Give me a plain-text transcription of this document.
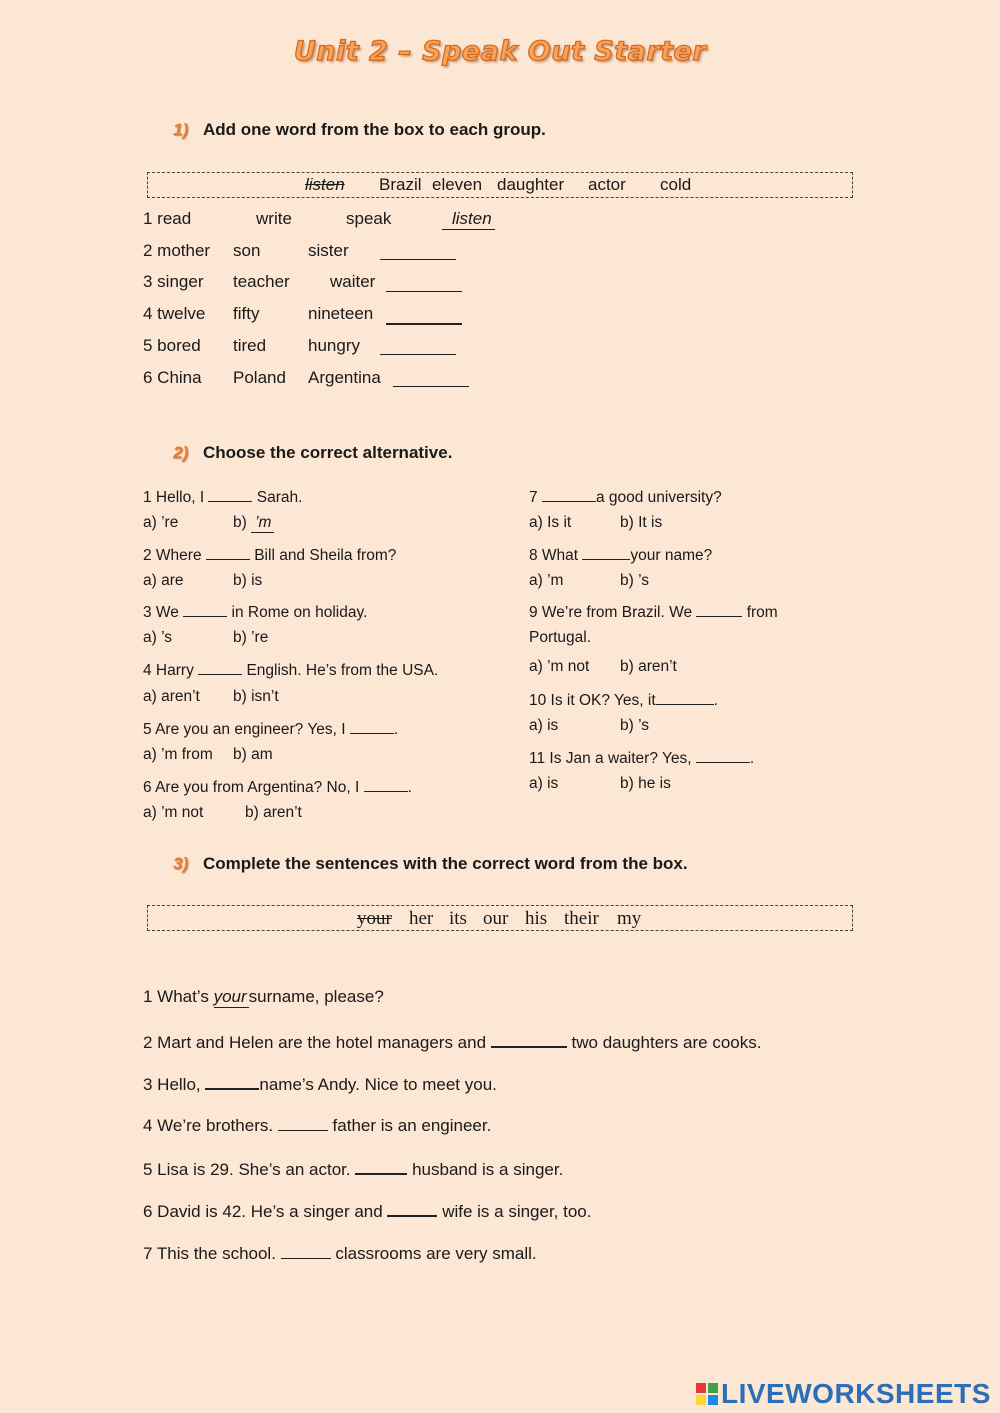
Unit 2 – Speak Out Starter
1) Add one word from the box to each group.
listen Brazil eleven daughter actor cold
1 read	write	speak	listen
2 mother son	sister
3 singer teacher waiter
4 twelve fifty	nineteen
5 bored tired hungry
6 China Poland Argentina
2) Choose the correct alternative.
1 Hello, I	Sarah.
a) ’re	b) ’m
2 Where	Bill and Sheila from?
a) are	b) is
3 We	in Rome on holiday.
a) ’s	b) ’re
4 Harry	English. He’s from the USA.
a) aren’t b) isn’t
5 Are you an engineer? Yes, I	.
a) ’m from b) am
6 Are you from Argentina? No, I	.
a) ’m not	b) aren’t
7	a good university?
a) Is it	b) It is
8 What	your name?
a) ’m	b) ’s
9 We’re from Brazil. We	from
Portugal.
a) ’m not b) aren’t
10 Is it OK? Yes, it	.
a) is	b) ’s
11 Is Jan a waiter? Yes,	.
a) is	b) he is
3) Complete the sentences with the correct word from the box.
your her its our his their my
1 What’s your surname, please?
2 Mart and Helen are the hotel managers and	two daughters are cooks.
3 Hello,	name’s Andy. Nice to meet you.
4 We’re brothers.	father is an engineer.
5 Lisa is 29. She’s an actor.	husband is a singer.
6 David is 42. He’s a singer and	wife is a singer, too.
7 This the school.	classrooms are very small.
LIVEWORKSHEETS
